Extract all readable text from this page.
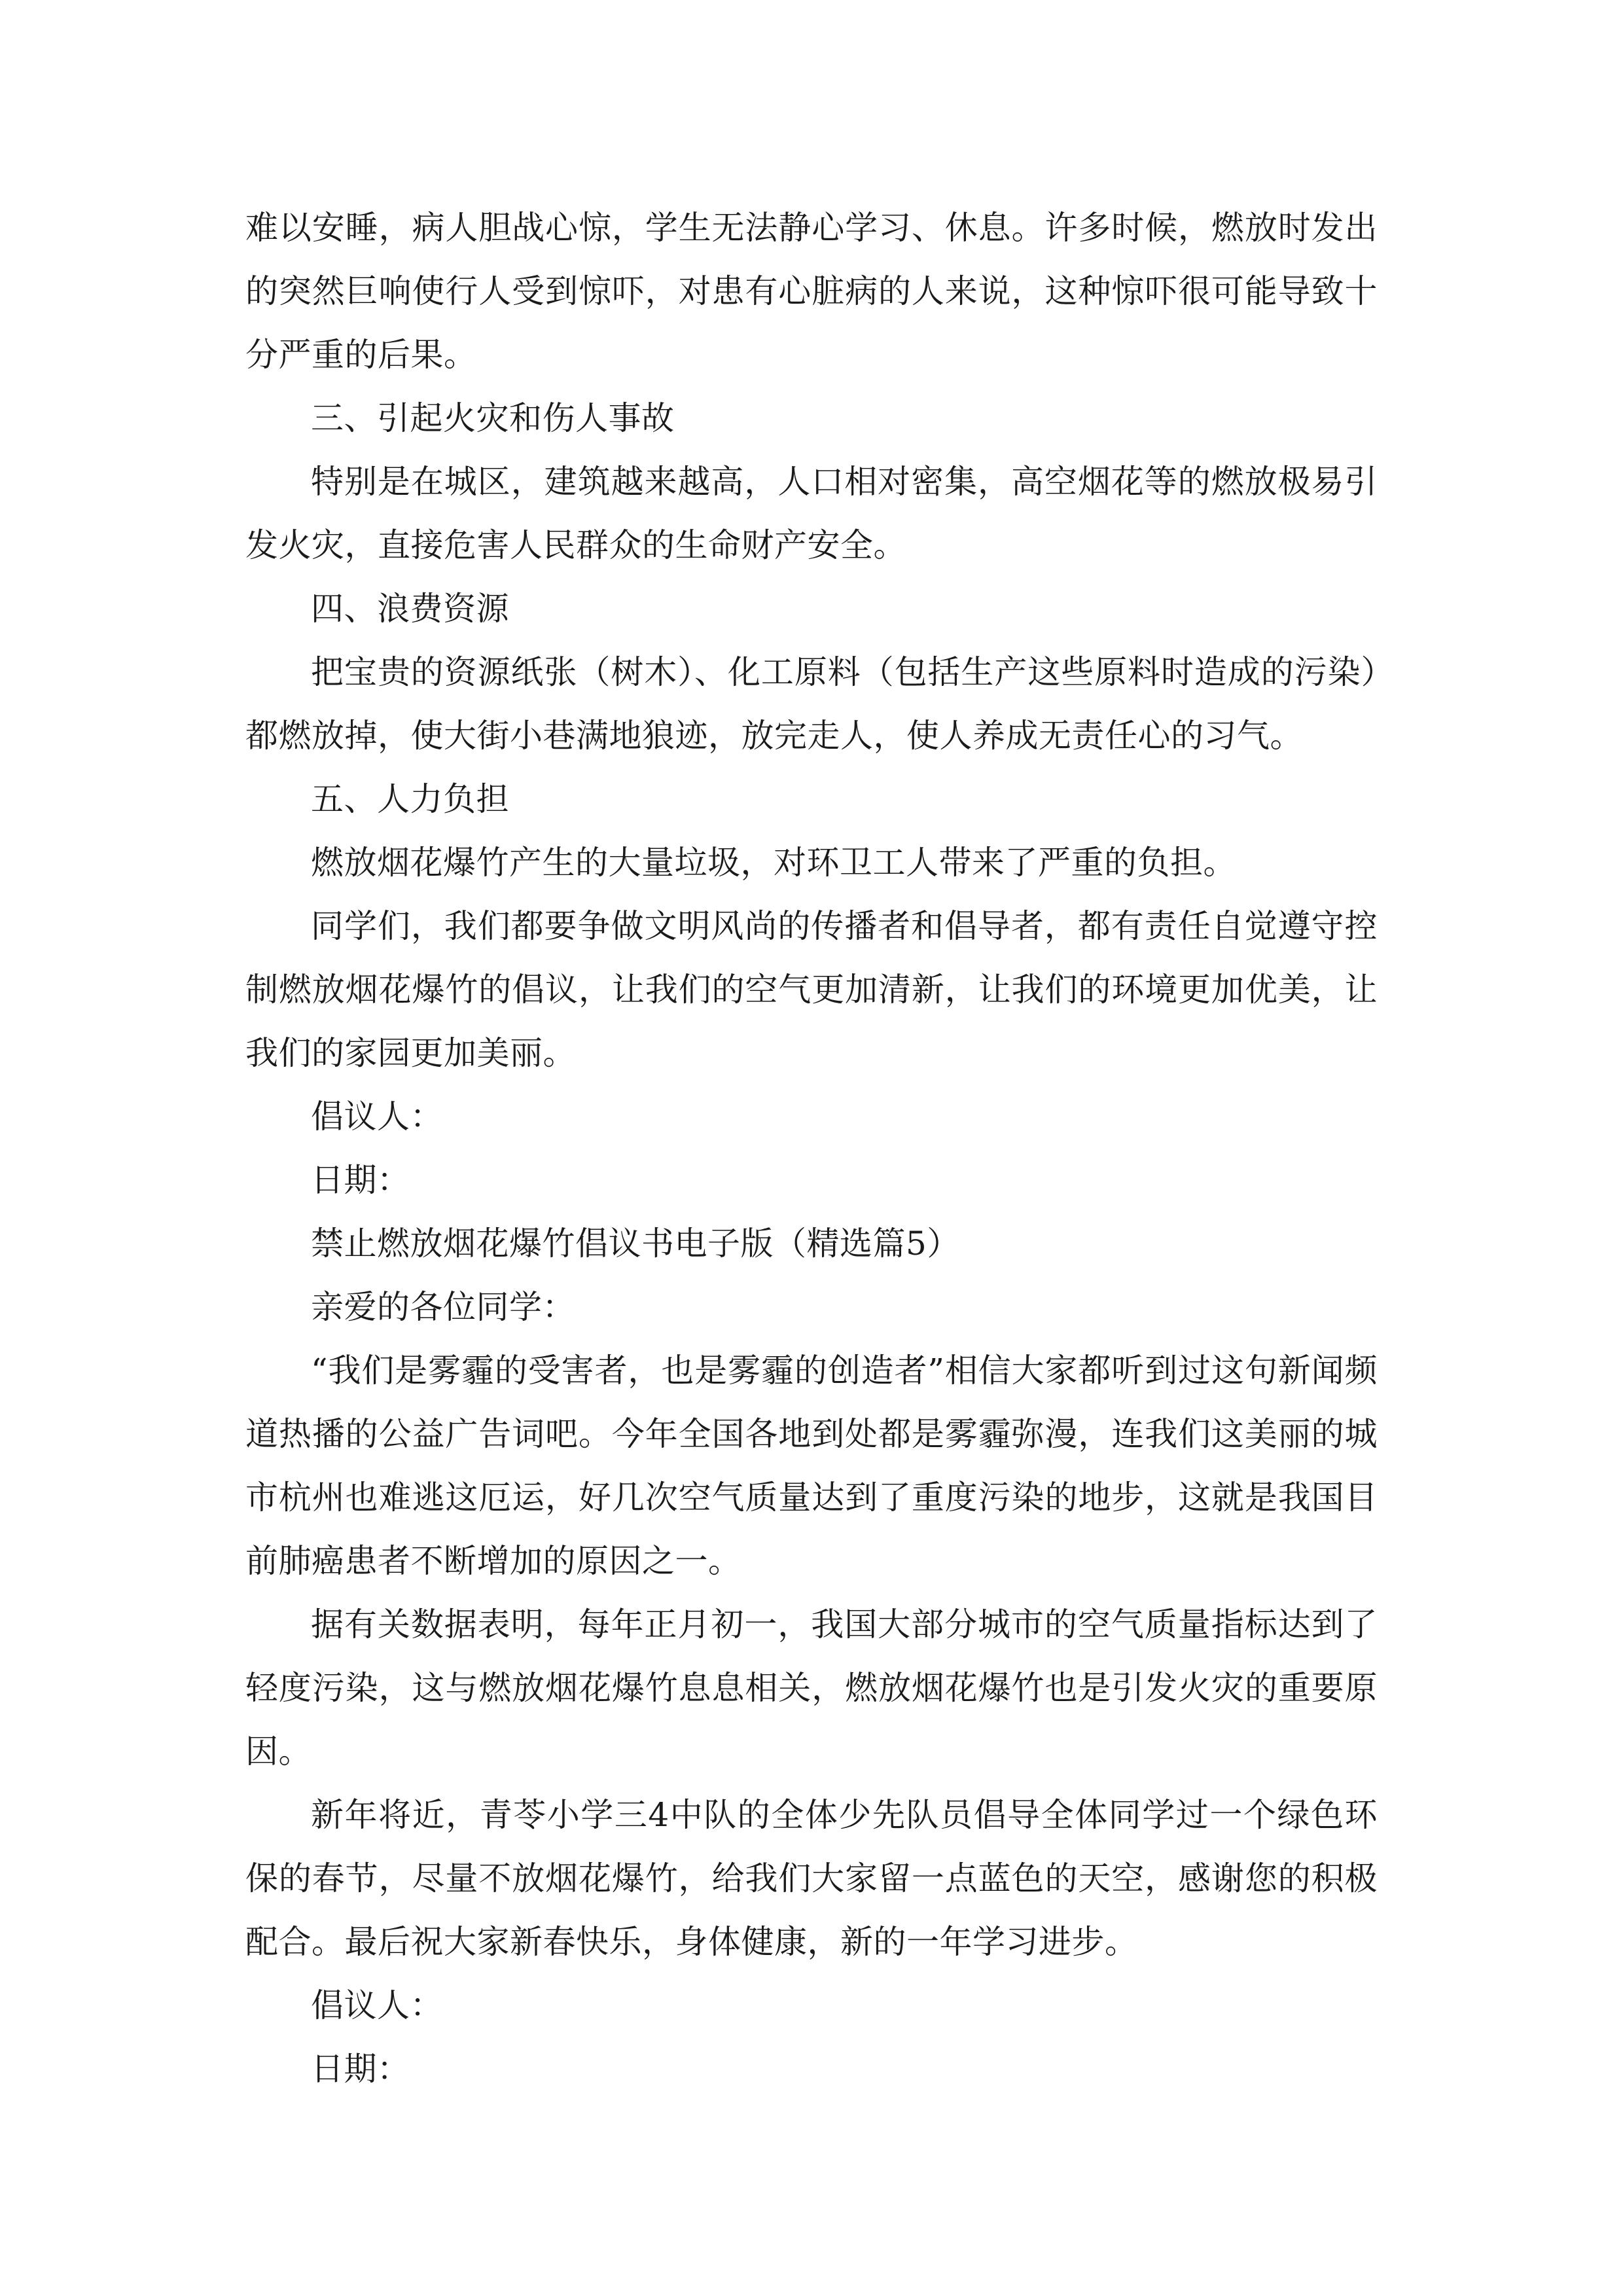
难以安睡，病人胆战心惊，学生无法静心学习、休息。许多时候，燃放时发出的突然巨响使行人受到惊吓，对患有心脏病的人来说，这种惊吓很可能导致十分严重的后果。

三、引起火灾和伤人事故

特别是在城区，建筑越来越高，人口相对密集，高空烟花等的燃放极易引发火灾，直接危害人民群众的生命财产安全。

四、浪费资源

把宝贵的资源纸张（树木）、化工原料（包括生产这些原料时造成的污染）都燃放掉，使大街小巷满地狼迹，放完走人，使人养成无责任心的习气。

五、人力负担

燃放烟花爆竹产生的大量垃圾，对环卫工人带来了严重的负担。

同学们，我们都要争做文明风尚的传播者和倡导者，都有责任自觉遵守控制燃放烟花爆竹的倡议，让我们的空气更加清新，让我们的环境更加优美，让我们的家园更加美丽。

倡议人：

日期：

禁止燃放烟花爆竹倡议书电子版（精选篇5）

亲爱的各位同学：

“我们是雾霾的受害者，也是雾霾的创造者”相信大家都听到过这句新闻频道热播的公益广告词吧。今年全国各地到处都是雾霾弥漫，连我们这美丽的城市杭州也难逃这厄运，好几次空气质量达到了重度污染的地步，这就是我国目前肺癌患者不断增加的原因之一。

据有关数据表明，每年正月初一，我国大部分城市的空气质量指标达到了轻度污染，这与燃放烟花爆竹息息相关，燃放烟花爆竹也是引发火灾的重要原因。

新年将近，青苓小学三4中队的全体少先队员倡导全体同学过一个绿色环保的春节，尽量不放烟花爆竹，给我们大家留一点蓝色的天空，感谢您的积极配合。最后祝大家新春快乐，身体健康，新的一年学习进步。

倡议人：

日期：
